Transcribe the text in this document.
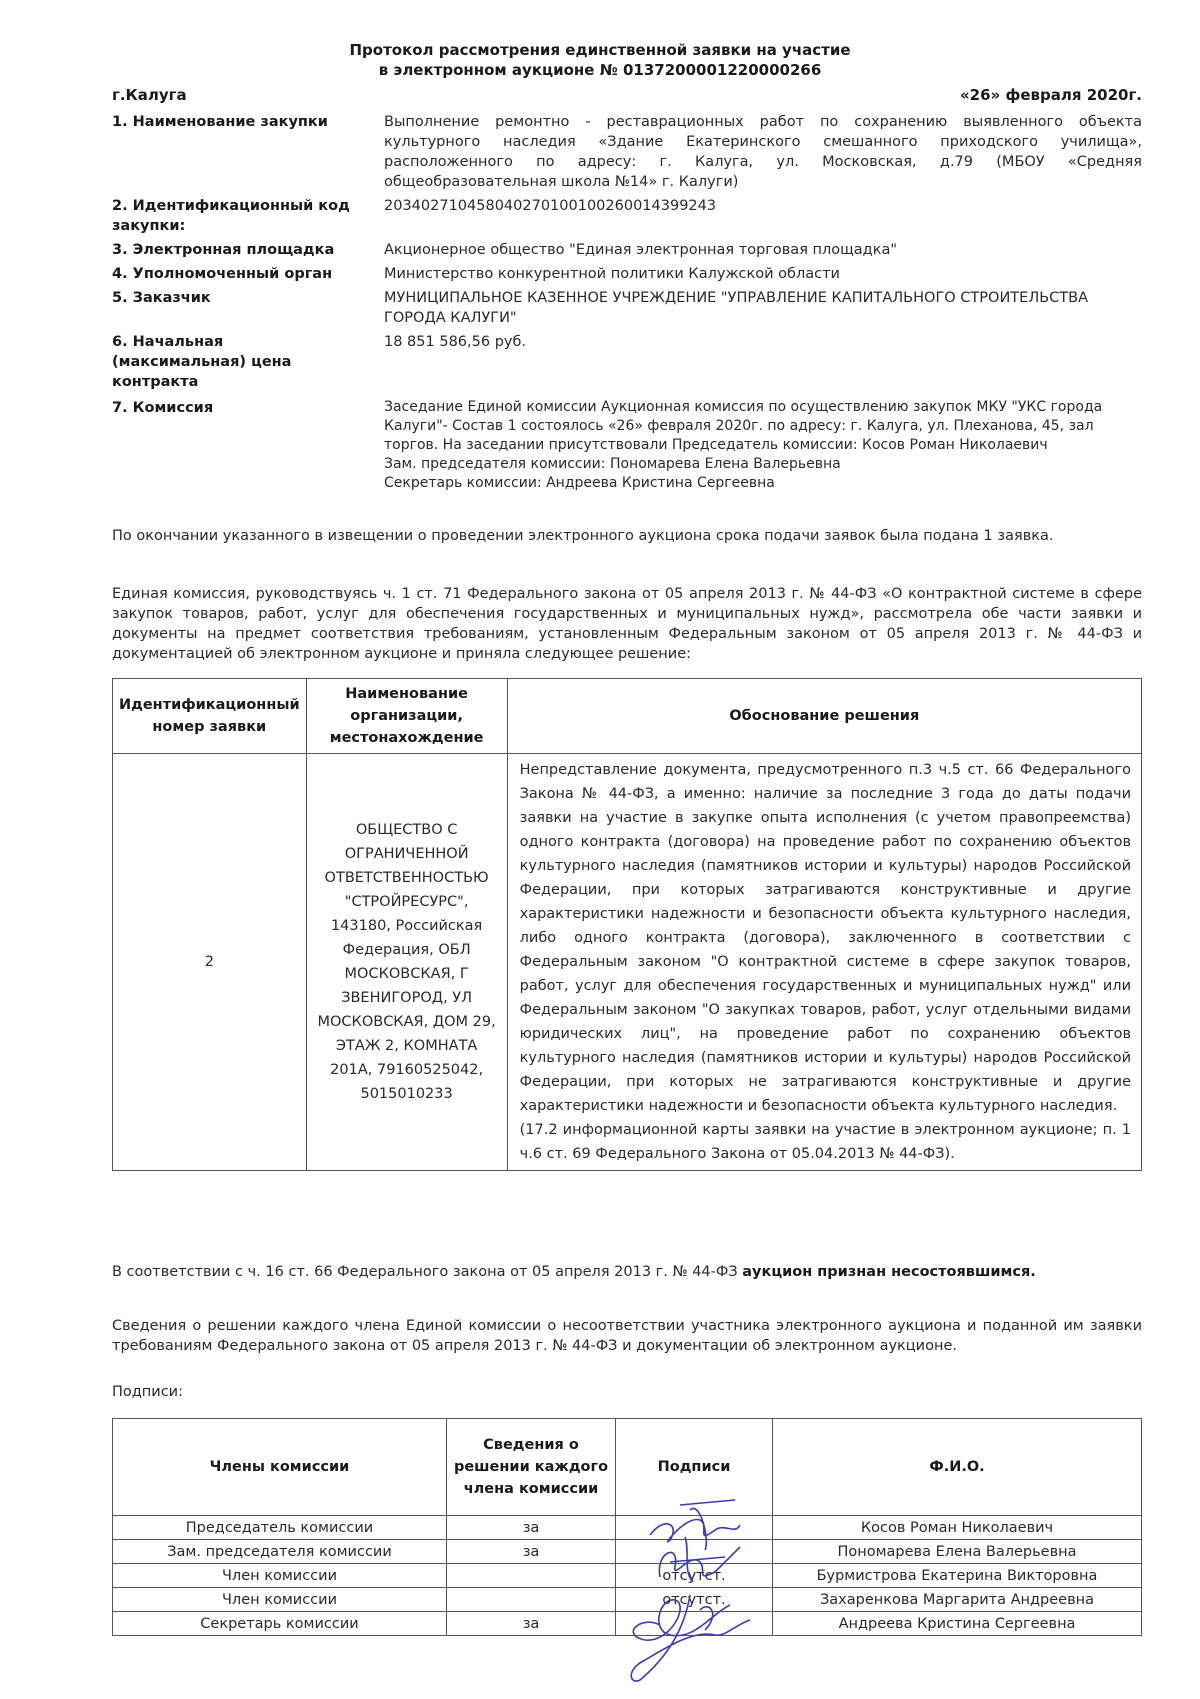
Протокол рассмотрения единственной заявки на участие
в электронном аукционе № 0137200001220000266
г.Калуга	«26» февраля 2020г.
1. Наименование закупки	Выполнение ремонтно - реставрационных работ по сохранению выявленного объекта культурного наследия «Здание Екатеринского смешанного приходского училища», расположенного по адресу: г. Калуга, ул. Московская, д.79 (МБОУ «Средняя общеобразовательная школа №14» г. Калуги)
2. Идентификационный код закупки:
203402710458040270100100260014399243
3. Электронная площадка	Акционерное общество "Единая электронная торговая площадка"
4. Уполномоченный орган	Министерство конкурентной политики Калужской области
5. Заказчик	МУНИЦИПАЛЬНОЕ КАЗЕННОЕ УЧРЕЖДЕНИЕ "УПРАВЛЕНИЕ КАПИТАЛЬНОГО СТРОИТЕЛЬСТВА ГОРОДА КАЛУГИ"
6. Начальная (максимальная) цена контракта
18 851 586,56 руб.
7. Комиссия	Заседание Единой комиссии Аукционная комиссия по осуществлению закупок МКУ "УКС города Калуги"- Состав 1 состоялось «26» февраля 2020г. по адресу: г. Калуга, ул. Плеханова, 45, зал торгов. На заседании присутствовали Председатель комиссии: Косов Роман Николаевич
Зам. председателя комиссии: Пономарева Елена Валерьевна
Секретарь комиссии: Андреева Кристина Сергеевна
По окончании указанного в извещении о проведении электронного аукциона срока подачи заявок была подана 1 заявка.
Единая комиссия, руководствуясь ч. 1 ст. 71 Федерального закона от 05 апреля 2013 г. № 44-ФЗ «О контрактной системе в сфере закупок товаров, работ, услуг для обеспечения государственных и муниципальных нужд», рассмотрела обе части заявки и документы на предмет соответствия требованиям, установленным Федеральным законом от 05 апреля 2013 г. № 44-ФЗ и документацией об электронном аукционе и приняла следующее решение:
Идентификационный номер заявки	Наименование организации, местонахождение	Обоснование решения
2	ОБЩЕСТВО С ОГРАНИЧЕННОЙ ОТВЕТСТВЕННОСТЬЮ "СТРОЙРЕСУРС", 143180, Российская Федерация, ОБЛ МОСКОВСКАЯ, Г ЗВЕНИГОРОД, УЛ МОСКОВСКАЯ, ДОМ 29, ЭТАЖ 2, КОМНАТА 201А, 79160525042, 5015010233	Непредставление документа, предусмотренного п.3 ч.5 ст. 66 Федерального Закона № 44-ФЗ, а именно: наличие за последние 3 года до даты подачи заявки на участие в закупке опыта исполнения (с учетом правопреемства) одного контракта (договора) на проведение работ по сохранению объектов культурного наследия (памятников истории и культуры) народов Российской Федерации, при которых затрагиваются конструктивные и другие характеристики надежности и безопасности объекта культурного наследия, либо одного контракта (договора), заключенного в соответствии с Федеральным законом "О контрактной системе в сфере закупок товаров, работ, услуг для обеспечения государственных и муниципальных нужд" или Федеральным законом "О закупках товаров, работ, услуг отдельными видами юридических лиц", на проведение работ по сохранению объектов культурного наследия (памятников истории и культуры) народов Российской Федерации, при которых не затрагиваются конструктивные и другие характеристики надежности и безопасности объекта культурного наследия.
(17.2 информационной карты заявки на участие в электронном аукционе; п. 1 ч.6 ст. 69 Федерального Закона от 05.04.2013 № 44-ФЗ).
В соответствии с ч. 16 ст. 66 Федерального закона от 05 апреля 2013 г. № 44-ФЗ аукцион признан несостоявшимся.
Сведения о решении каждого члена Единой комиссии о несоответствии участника электронного аукциона и поданной им заявки требованиям Федерального закона от 05 апреля 2013 г. № 44-ФЗ и документации об электронном аукционе.
Подписи:
Члены комиссии	Сведения о решении каждого члена комиссии	Подписи	Ф.И.О.
Председатель комиссии	за		Косов Роман Николаевич
Зам. председателя комиссии	за		Пономарева Елена Валерьевна
Член комиссии		отсутст.	Бурмистрова Екатерина Викторовна
Член комиссии		отсутст.	Захаренкова Маргарита Андреевна
Секретарь комиссии	за		Андреева Кристина Сергеевна
